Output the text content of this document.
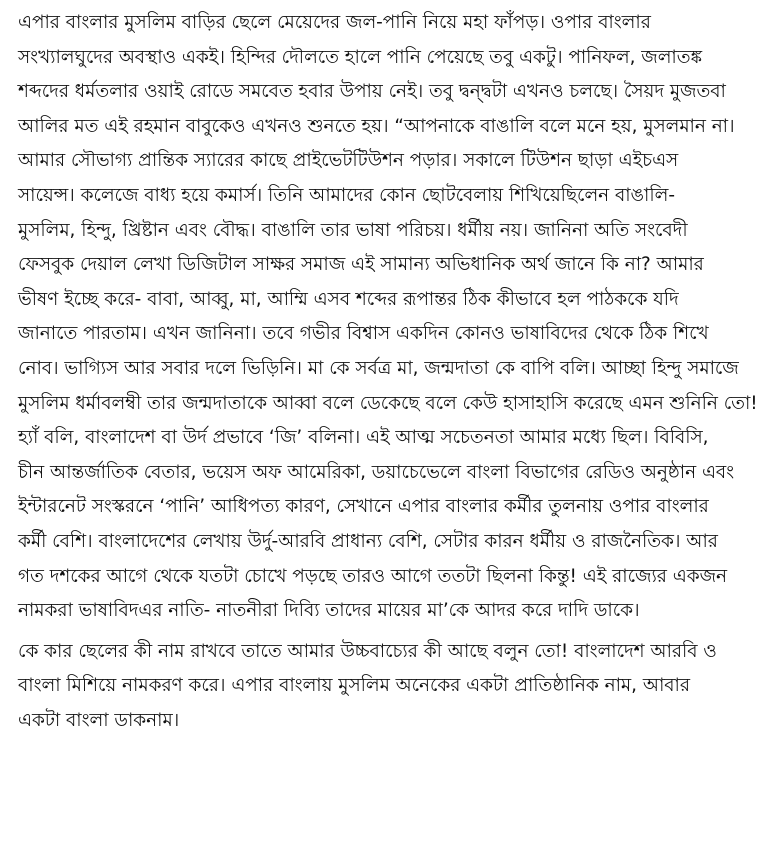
এপার বাংলার মুসলিম বাড়ির ছেলে মেয়েদের জল-পানি নিয়ে মহা ফাঁপড়। ওপার বাংলার
সংখ্যালঘুদের অবস্থাও একই। হিন্দির দৌলতে হালে পানি পেয়েছে তবু একটু। পানিফল, জলাতঙ্ক
শব্দদের ধর্মতলার ওয়াই রোডে সমবেত হবার উপায় নেই। তবু দ্বন্দ্বটা এখনও চলছে। সৈয়দ মুজতবা
আলির মত এই রহমান বাবুকেও এখনও শুনতে হয়। “আপনাকে বাঙালি বলে মনে হয়, মুসলমান না।
আমার সৌভাগ্য প্রান্তিক স্যারের কাছে প্রাইভেটটিউশন পড়ার। সকালে টিউশন ছাড়া এইচএস
সায়েন্স। কলেজে বাধ্য হয়ে কমার্স। তিনি আমাদের কোন ছোটবেলায় শিখিয়েছিলেন বাঙালি-
মুসলিম, হিন্দু, খ্রিষ্টান এবং বৌদ্ধ। বাঙালি তার ভাষা পরিচয়। ধর্মীয় নয়। জানিনা অতি সংবেদী
ফেসবুক দেয়াল লেখা ডিজিটাল সাক্ষর সমাজ এই সামান্য অভিধানিক অর্থ জানে কি না? আমার
ভীষণ ইচ্ছে করে- বাবা, আব্বু, মা, আম্মি এসব শব্দের রূপান্তর ঠিক কীভাবে হল পাঠককে যদি
জানাতে পারতাম। এখন জানিনা। তবে গভীর বিশ্বাস একদিন কোনও ভাষাবিদের থেকে ঠিক শিখে
নোব। ভাগ্যিস আর সবার দলে ভিড়িনি। মা কে সর্বত্র মা, জন্মদাতা কে বাপি বলি। আচ্ছা হিন্দু সমাজে
মুসলিম ধর্মাবলম্বী তার জন্মদাতাকে আব্বা বলে ডেকেছে বলে কেউ হাসাহাসি করেছে এমন শুনিনি তো!
হ্যাঁ বলি, বাংলাদেশ বা উর্দ প্রভাবে ‘জি’ বলিনা। এই আত্ম সচেতনতা আমার মধ্যে ছিল। বিবিসি,
চীন আন্তর্জাতিক বেতার, ভয়েস অফ আমেরিকা, ডয়াচেভেলে বাংলা বিভাগের রেডিও অনুষ্ঠান এবং
ইন্টারনেট সংস্করনে ‘পানি’ আধিপত্য কারণ, সেখানে এপার বাংলার কর্মীর তুলনায় ওপার বাংলার
কর্মী বেশি। বাংলাদেশের লেখায় উর্দু-আরবি প্রাধান্য বেশি, সেটার কারন ধর্মীয় ও রাজনৈতিক। আর
গত দশকের আগে থেকে যতটা চোখে পড়ছে তারও আগে ততটা ছিলনা কিন্তু! এই রাজ্যের একজন
নামকরা ভাষাবিদএর নাতি- নাতনীরা দিব্যি তাদের মায়ের মা’কে আদর করে দাদি ডাকে।

কে কার ছেলের কী নাম রাখবে তাতে আমার উচ্চবাচ্যের কী আছে বলুন তো! বাংলাদেশ আরবি ও
বাংলা মিশিয়ে নামকরণ করে। এপার বাংলায় মুসলিম অনেকের একটা প্রাতিষ্ঠানিক নাম, আবার
একটা বাংলা ডাকনাম।
